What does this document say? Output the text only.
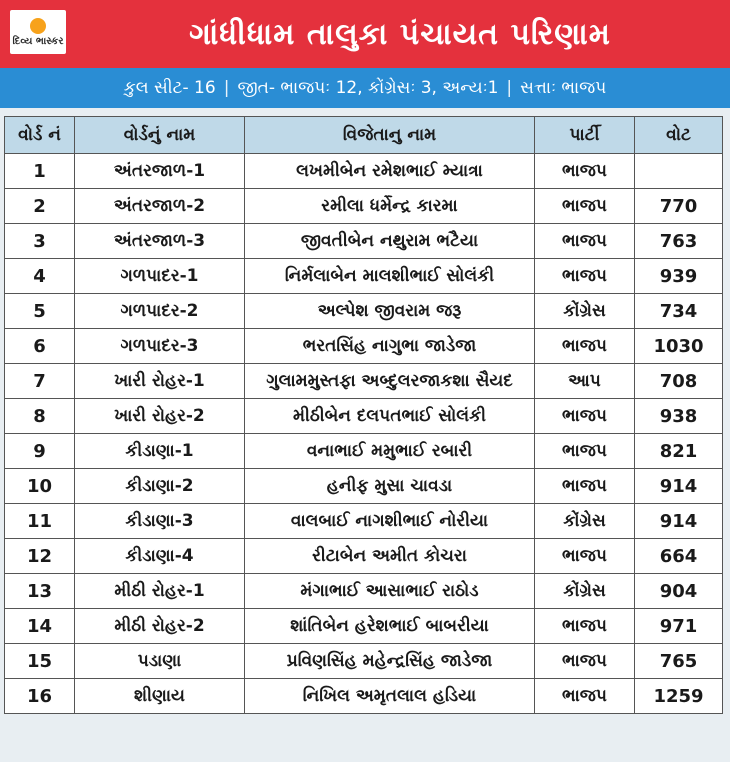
દિવ્ય ભાસ્કર	ગાંધીધામ તાલુકા પંચાયત પરિણામ
કુલ સીટ- 16 | જીત- ભાજપઃ 12, કોંગ્રેસઃ 3, અન્યઃ1 | સત્તાઃ ભાજપ
વોર્ડ નં	વોર્ડનું નામ	વિજેતાનુ નામ	પાર્ટી	વોટ
1	અંતરજાળ-1	લખમીબેન રમેશભાઈ મ્યાત્રા	ભાજપ	
2	અંતરજાળ-2	રમીલા ધર્મેન્દ્ર કારમા	ભાજપ	770
3	અંતરજાળ-3	જીવતીબેન નથુરામ ભટૈયા	ભાજપ	763
4	ગળપાદર-1	નિર્મલાબેન માલશીભાઈ સોલંકી	ભાજપ	939
5	ગળપાદર-2	અલ્પેશ જીવરામ જરૂ	કોંગ્રેસ	734
6	ગળપાદર-3	ભરતસિંહ નાગુભા જાડેજા	ભાજપ	1030
7	ખારી રોહર-1	ગુલામમુસ્તફા અબ્દુલરજાકશા સૈયદ	આપ	708
8	ખારી રોહર-2	મીઠીબેન દલપતભાઈ સોલંકી	ભાજપ	938
9	કીડાણા-1	વનાભાઈ મમુભાઈ રબારી	ભાજપ	821
10	કીડાણા-2	હનીફ મુસા ચાવડા	ભાજપ	914
11	કીડાણા-3	વાલબાઈ નાગશીભાઈ નોરીયા	કોંગ્રેસ	914
12	કીડાણા-4	રીટાબેન અમીત કોચરા	ભાજપ	664
13	મીઠી રોહર-1	મંગાભાઈ આસાભાઈ રાઠોડ	કોંગ્રેસ	904
14	મીઠી રોહર-2	શાંતિબેન હરેશભાઈ બાબરીયા	ભાજપ	971
15	પડાણા	પ્રવિણસિંહ મહેન્દ્રસિંહ જાડેજા	ભાજપ	765
16	શીણાય	નિખિલ અમૃતલાલ હડિયા	ભાજપ	1259
